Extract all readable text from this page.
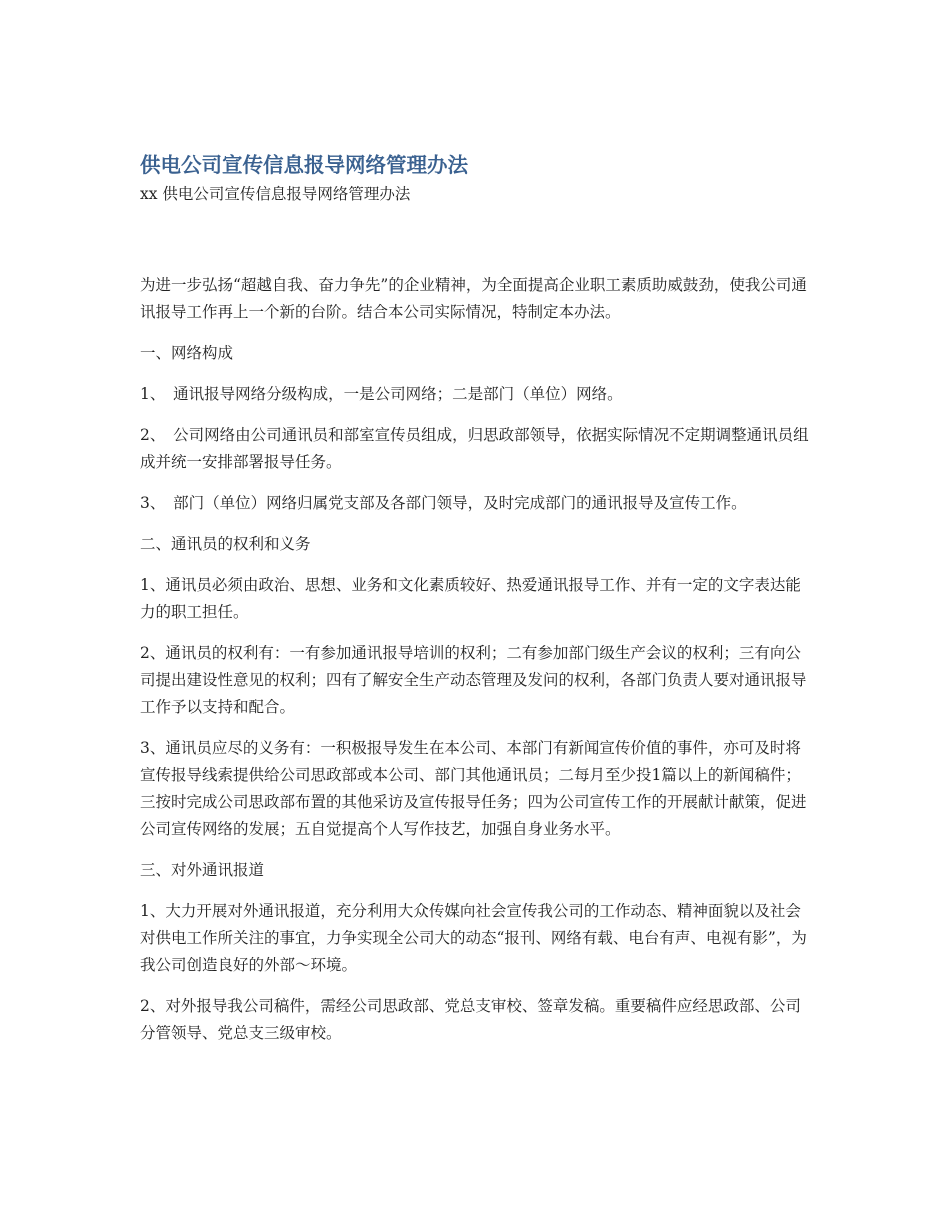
供电公司宣传信息报导网络管理办法

xx 供电公司宣传信息报导网络管理办法

为进一步弘扬“超越自我、奋力争先”的企业精神，为全面提高企业职工素质助威鼓劲，使我公司通讯报导工作再上一个新的台阶。结合本公司实际情况，特制定本办法。

一、网络构成

1、　通讯报导网络分级构成，一是公司网络；二是部门（单位）网络。

2、　公司网络由公司通讯员和部室宣传员组成，归思政部领导，依据实际情况不定期调整通讯员组成并统一安排部署报导任务。

3、　部门（单位）网络归属党支部及各部门领导，及时完成部门的通讯报导及宣传工作。

二、通讯员的权利和义务

1、通讯员必须由政治、思想、业务和文化素质较好、热爱通讯报导工作、并有一定的文字表达能力的职工担任。

2、通讯员的权利有：一有参加通讯报导培训的权利；二有参加部门级生产会议的权利；三有向公司提出建设性意见的权利；四有了解安全生产动态管理及发问的权利，各部门负责人要对通讯报导工作予以支持和配合。

3、通讯员应尽的义务有：一积极报导发生在本公司、本部门有新闻宣传价值的事件，亦可及时将宣传报导线索提供给公司思政部或本公司、部门其他通讯员；二每月至少投1篇以上的新闻稿件；三按时完成公司思政部布置的其他采访及宣传报导任务；四为公司宣传工作的开展献计献策，促进公司宣传网络的发展；五自觉提高个人写作技艺，加强自身业务水平。

三、对外通讯报道

1、大力开展对外通讯报道，充分利用大众传媒向社会宣传我公司的工作动态、精神面貌以及社会对供电工作所关注的事宜，力争实现全公司大的动态“报刊、网络有载、电台有声、电视有影”，为我公司创造良好的外部～环境。

2、对外报导我公司稿件，需经公司思政部、党总支审校、签章发稿。重要稿件应经思政部、公司分管领导、党总支三级审校。
